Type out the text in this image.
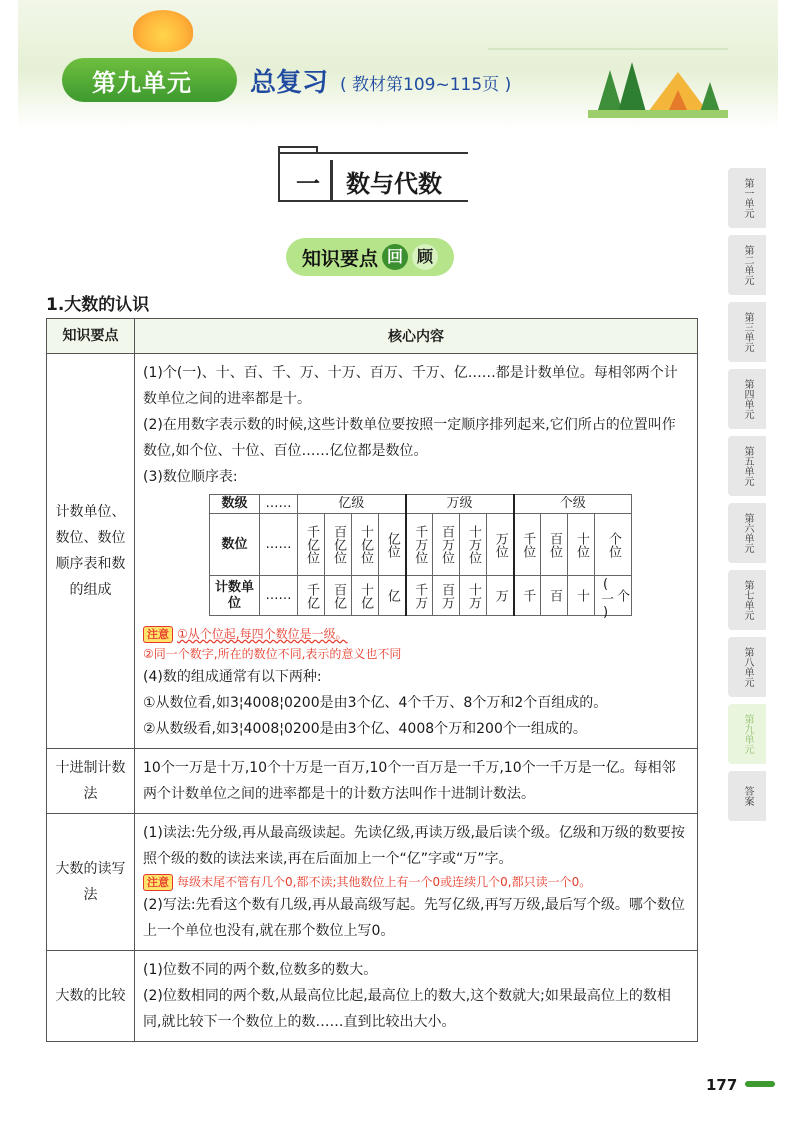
第九单元	总复习 ( 教材第109~115页 )
一 数与代数
知识要点 回 顾
1.大数的认识
知识要点	核心内容
计数单位、数位、数位顺序表和数的组成	
(1)个(一)、十、百、千、万、十万、百万、千万、亿……都是计数单位。每相邻两个计数单位之间的进率都是十。
(2)在用数字表示数的时候,这些计数单位要按照一定顺序排列起来,它们所占的位置叫作数位,如个位、十位、百位……亿位都是数位。
(3)数位顺序表:
数级	……	亿级	万级	个级
数位	……	千亿位	百亿位	十亿位	亿位	千万位	百万位	十万位	万位	千位	百位	十位	个位
计数单位	……	千亿	百亿	十亿	亿	千万	百万	十万	万	千	百	十	个(一)
注意 ①从个位起,每四个数位是一级。
②同一个数字,所在的数位不同,表示的意义也不同
(4)数的组成通常有以下两种:
①从数位看,如3¦4008¦0200是由3个亿、4个千万、8个万和2个百组成的。
②从数级看,如3¦4008¦0200是由3个亿、4008个万和200个一组成的。

十进制计数法	
10个一万是十万,10个十万是一百万,10个一百万是一千万,10个一千万是一亿。每相邻两个计数单位之间的进率都是十的计数方法叫作十进制计数法。

大数的读写法	
(1)读法:先分级,再从最高级读起。先读亿级,再读万级,最后读个级。亿级和万级的数要按照个级的数的读法来读,再在后面加上一个“亿”字或“万”字。
注意 每级末尾不管有几个0,都不读;其他数位上有一个0或连续几个0,都只读一个0。
(2)写法:先看这个数有几级,再从最高级写起。先写亿级,再写万级,最后写个级。哪个数位上一个单位也没有,就在那个数位上写0。

大数的比较	
(1)位数不同的两个数,位数多的数大。
(2)位数相同的两个数,从最高位比起,最高位上的数大,这个数就大;如果最高位上的数相同,就比较下一个数位上的数……直到比较出大小。
第一单元
第二单元
第三单元
第四单元
第五单元
第六单元
第七单元
第八单元
第九单元
答案
177
